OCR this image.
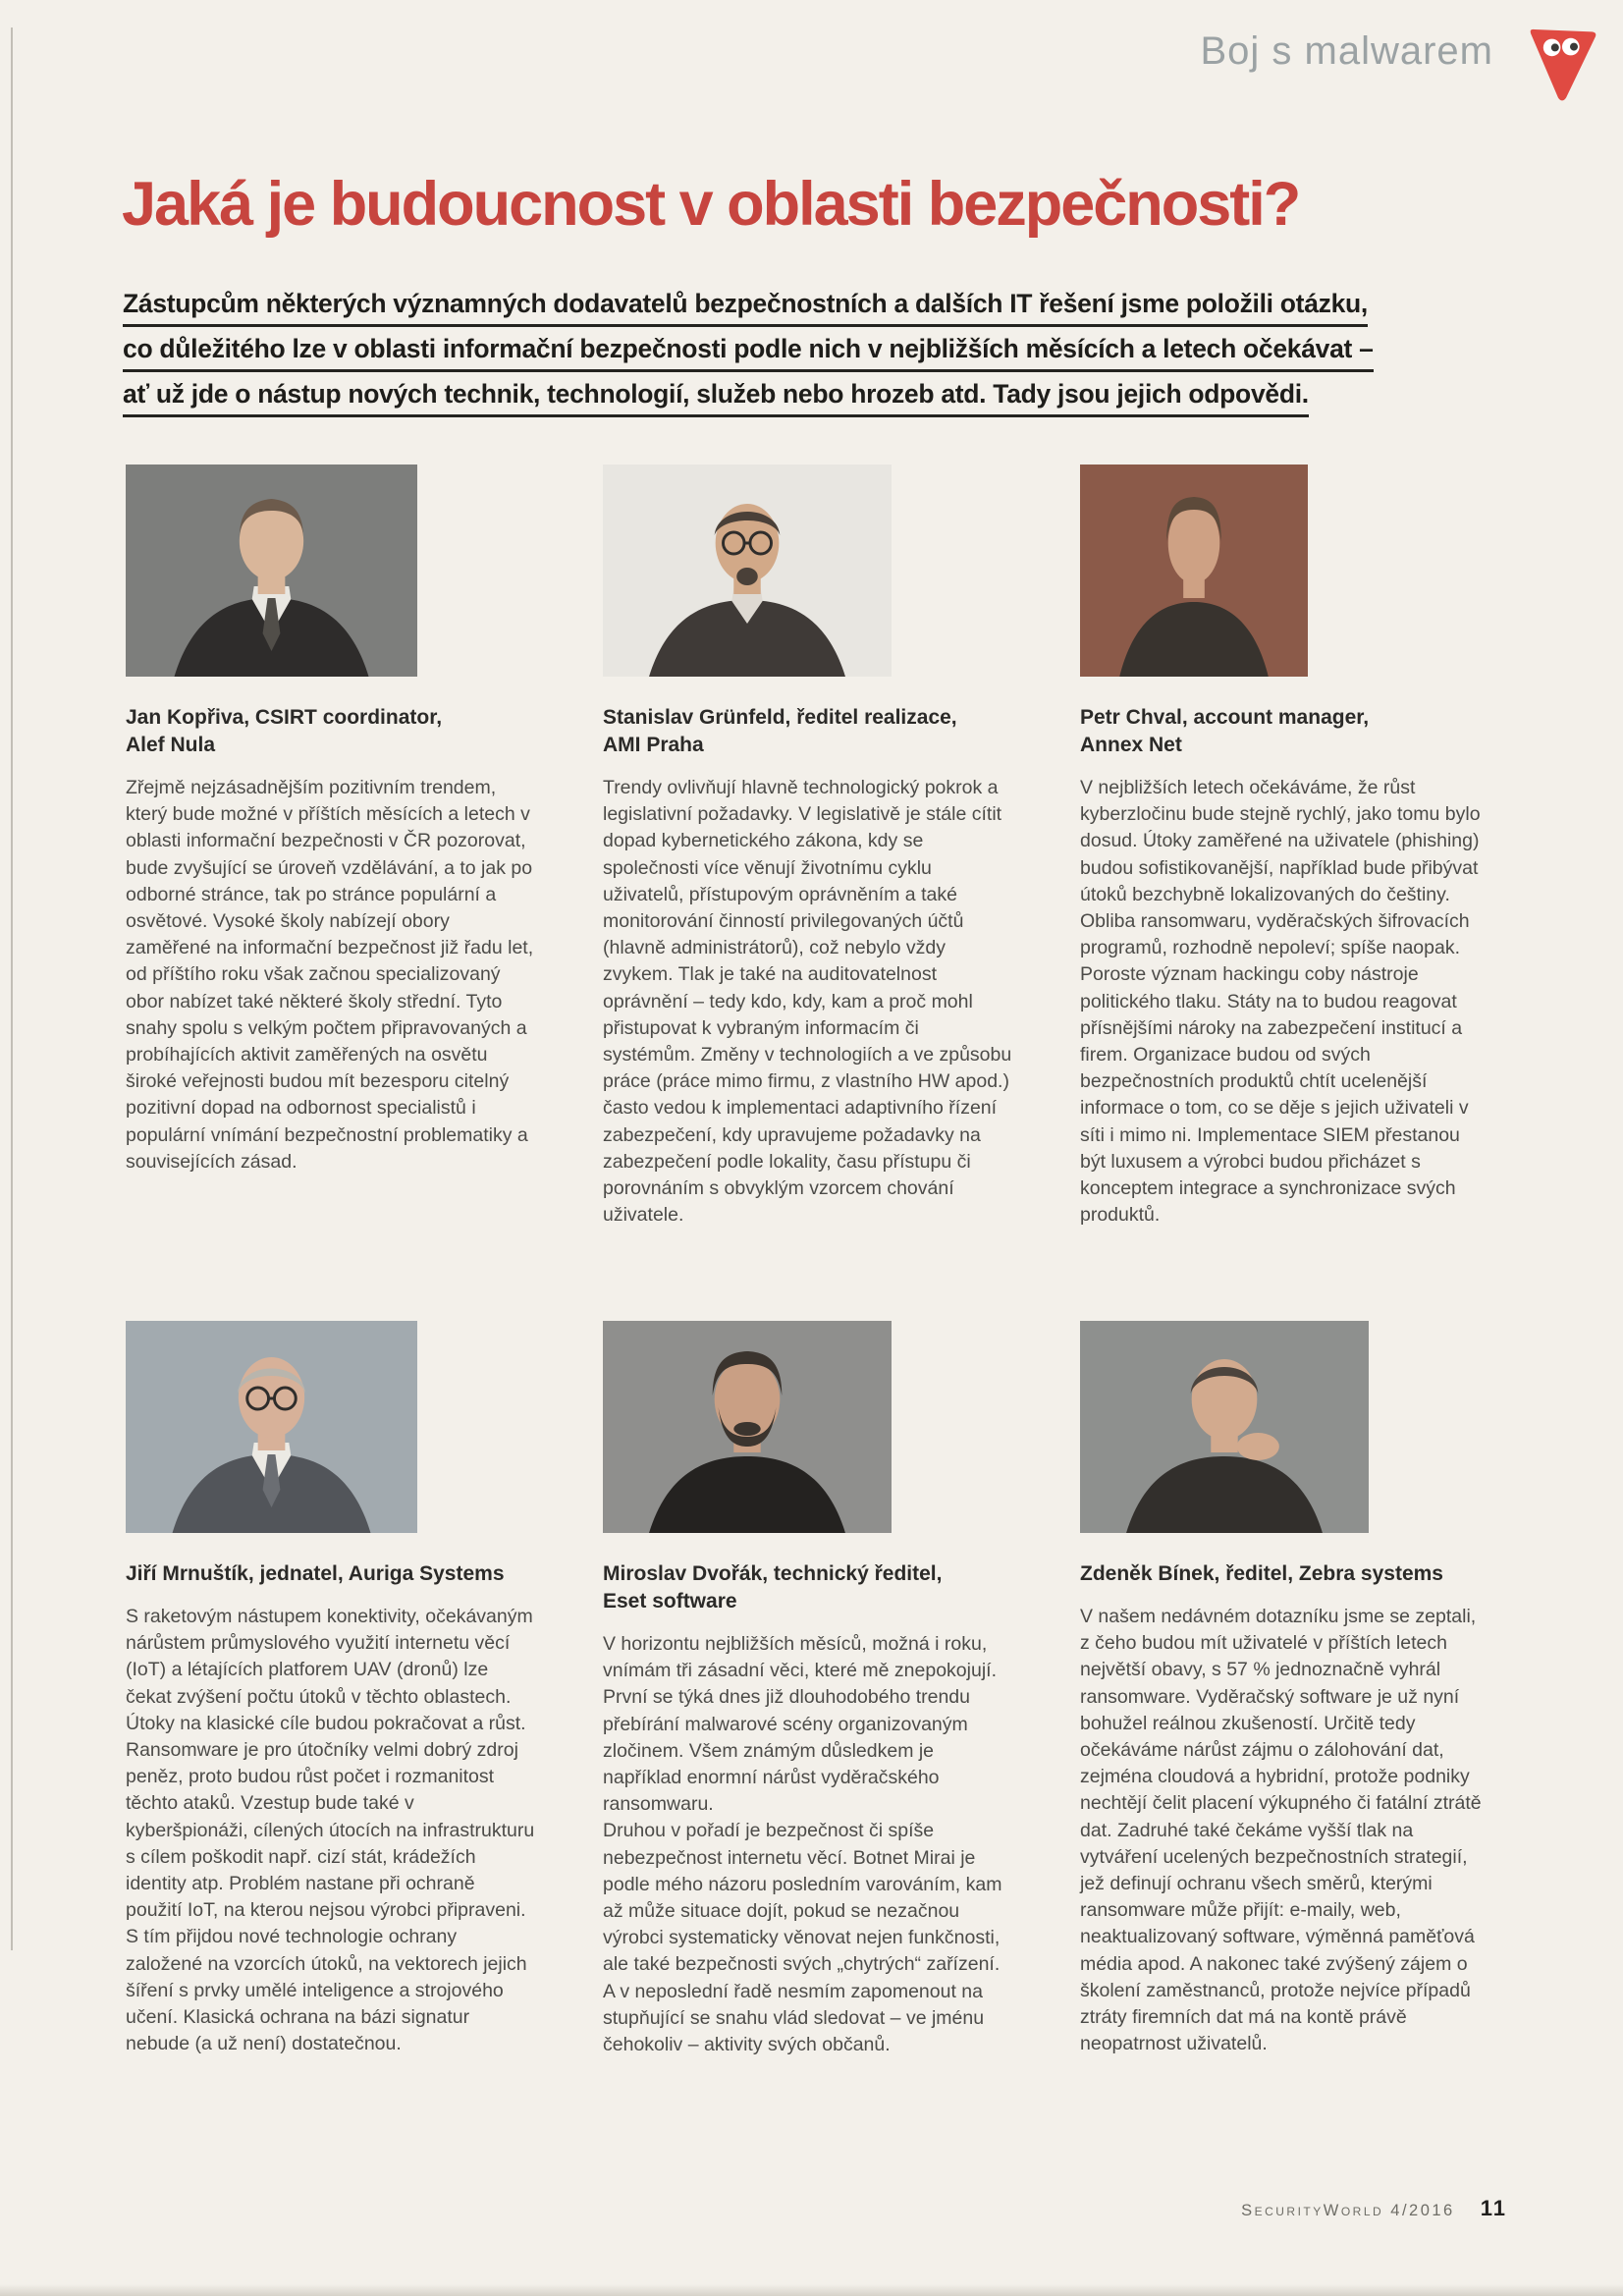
Boj s malwarem
Jaká je budoucnost v oblasti bezpečnosti?
Zástupcům některých významných dodavatelů bezpečnostních a dalších IT řešení jsme položili otázku,
co důležitého lze v oblasti informační bezpečnosti podle nich v nejbližších měsících a letech očekávat –
ať už jde o nástup nových technik, technologií, služeb nebo hrozeb atd. Tady jsou jejich odpovědi.
Jan Kopřiva, CSIRT coordinator,
Alef Nula

Zřejmě nejzásadnějším pozitivním trendem, který bude možné v příštích měsících a letech v oblasti informační bezpečnosti v ČR pozorovat, bude zvyšující se úroveň vzdělávání, a to jak po odborné stránce, tak po stránce populární a osvětové. Vysoké školy nabízejí obory zaměřené na informační bezpečnost již řadu let, od příštího roku však začnou specializovaný obor nabízet také některé školy střední. Tyto snahy spolu s velkým počtem připravovaných a probíhajících aktivit zaměřených na osvětu široké veřejnosti budou mít bezesporu citelný pozitivní dopad na odbornost specialistů i populární vnímání bezpečnostní problematiky a souvisejících zásad.

Stanislav Grünfeld, ředitel realizace,
AMI Praha

Trendy ovlivňují hlavně technologický pokrok a legislativní požadavky. V legislativě je stále cítit dopad kybernetického zákona, kdy se společnosti více věnují životnímu cyklu uživatelů, přístupovým oprávněním a také monitorování činností privilegovaných účtů (hlavně administrátorů), což nebylo vždy zvykem. Tlak je také na auditovatelnost oprávnění – tedy kdo, kdy, kam a proč mohl přistupovat k vybraným informacím či systémům. Změny v technologiích a ve způsobu práce (práce mimo firmu, z vlastního HW apod.) často vedou k implementaci adaptivního řízení zabezpečení, kdy upravujeme požadavky na zabezpečení podle lokality, času přístupu či porovnáním s obvyklým vzorcem chování uživatele.

Petr Chval, account manager,
Annex Net

V nejbližších letech očekáváme, že růst kyberzločinu bude stejně rychlý, jako tomu bylo dosud. Útoky zaměřené na uživatele (phishing) budou sofistikovanější, například bude přibývat útoků bezchybně lokalizovaných do češtiny. Obliba ransomwaru, vyděračských šifrovacích programů, rozhodně nepoleví; spíše naopak. Poroste význam hackingu coby nástroje politického tlaku. Státy na to budou reagovat přísnějšími nároky na zabezpečení institucí a firem. Organizace budou od svých bezpečnostních produktů chtít ucelenější informace o tom, co se děje s jejich uživateli v síti i mimo ni. Implementace SIEM přestanou být luxusem a výrobci budou přicházet s konceptem integrace a synchronizace svých produktů.

Jiří Mrnuštík, jednatel, Auriga Systems

S raketovým nástupem konektivity, očekávaným nárůstem průmyslového využití internetu věcí (IoT) a létajících platforem UAV (dronů) lze čekat zvýšení počtu útoků v těchto oblastech. Útoky na klasické cíle budou pokračovat a růst. Ransomware je pro útočníky velmi dobrý zdroj peněz, proto budou růst počet i rozmanitost těchto ataků. Vzestup bude také v kyberšpionáži, cílených útocích na infrastrukturu s cílem poškodit např. cizí stát, krádežích identity atp. Problém nastane při ochraně použití IoT, na kterou nejsou výrobci připraveni. S tím přijdou nové technologie ochrany založené na vzorcích útoků, na vektorech jejich šíření s prvky umělé inteligence a strojového učení. Klasická ochrana na bázi signatur nebude (a už není) dostatečnou.

Miroslav Dvořák, technický ředitel,
Eset software

V horizontu nejbližších měsíců, možná i roku, vnímám tři zásadní věci, které mě znepokojují. První se týká dnes již dlouhodobého trendu přebírání malwarové scény organizovaným zločinem. Všem známým důsledkem je například enormní nárůst vyděračského ransomwaru.

Druhou v pořadí je bezpečnost či spíše nebezpečnost internetu věcí. Botnet Mirai je podle mého názoru posledním varováním, kam až může situace dojít, pokud se nezačnou výrobci systematicky věnovat nejen funkčnosti, ale také bezpečnosti svých „chytrých“ zařízení.

A v neposlední řadě nesmím zapomenout na stupňující se snahu vlád sledovat – ve jménu čehokoliv – aktivity svých občanů.

Zdeněk Bínek, ředitel, Zebra systems

V našem nedávném dotazníku jsme se zeptali, z čeho budou mít uživatelé v příštích letech největší obavy, s 57 % jednoznačně vyhrál ransomware. Vyděračský software je už nyní bohužel reálnou zkušeností. Určitě tedy očekáváme nárůst zájmu o zálohování dat, zejména cloudová a hybridní, protože podniky nechtějí čelit placení výkupného či fatální ztrátě dat. Zadruhé také čekáme vyšší tlak na vytváření ucelených bezpečnostních strategií, jež definují ochranu všech směrů, kterými ransomware může přijít: e-maily, web, neaktualizovaný software, výměnná paměťová média apod. A nakonec také zvýšený zájem o školení zaměstnanců, protože nejvíce případů ztráty firemních dat má na kontě právě neopatrnost uživatelů.

SecurityWorld 4/2016 11
